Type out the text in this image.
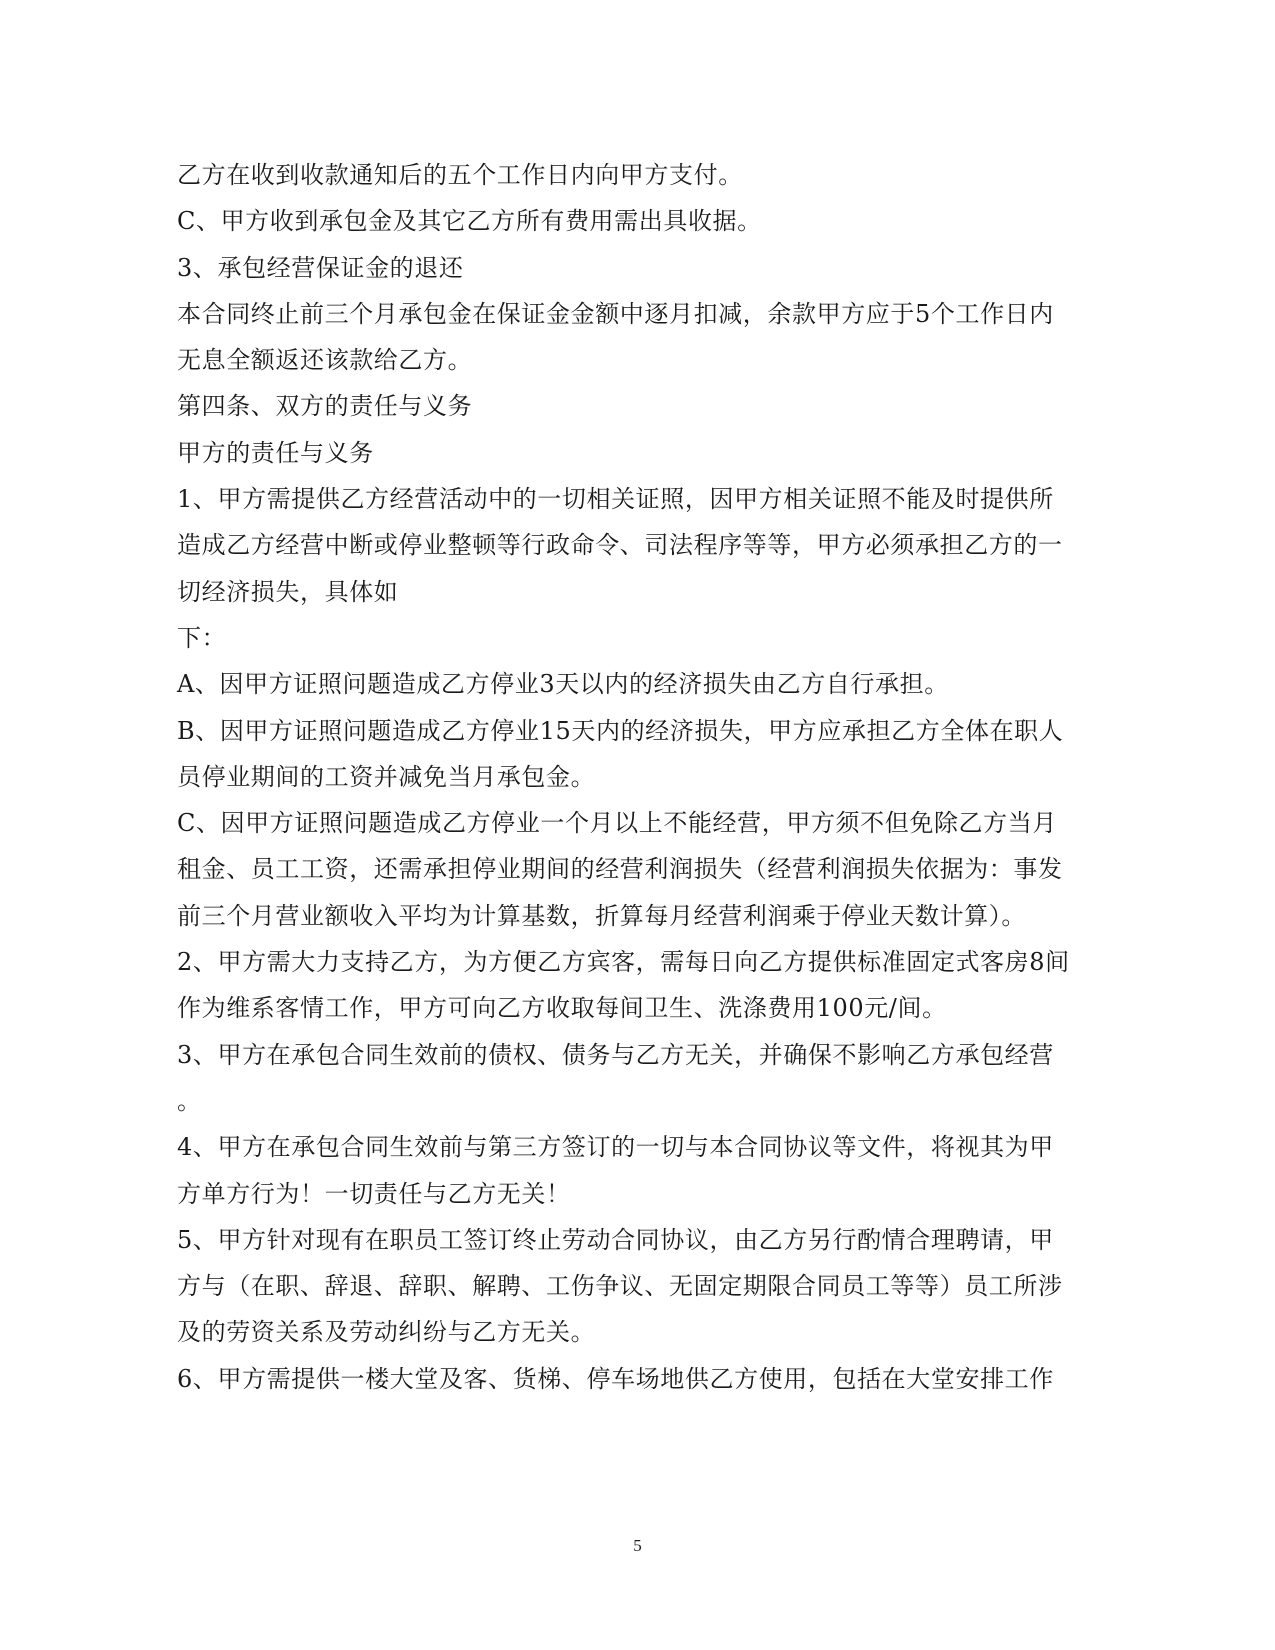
乙方在收到收款通知后的五个工作日内向甲方支付。
C、甲方收到承包金及其它乙方所有费用需出具收据。
3、承包经营保证金的退还
本合同终止前三个月承包金在保证金金额中逐月扣减，余款甲方应于5个工作日内
无息全额返还该款给乙方。
第四条、双方的责任与义务
甲方的责任与义务
1、甲方需提供乙方经营活动中的一切相关证照，因甲方相关证照不能及时提供所
造成乙方经营中断或停业整顿等行政命令、司法程序等等，甲方必须承担乙方的一
切经济损失，具体如
下：
A、因甲方证照问题造成乙方停业3天以内的经济损失由乙方自行承担。
B、因甲方证照问题造成乙方停业15天内的经济损失，甲方应承担乙方全体在职人
员停业期间的工资并减免当月承包金。
C、因甲方证照问题造成乙方停业一个月以上不能经营，甲方须不但免除乙方当月
租金、员工工资，还需承担停业期间的经营利润损失（经营利润损失依据为：事发
前三个月营业额收入平均为计算基数，折算每月经营利润乘于停业天数计算）。
2、甲方需大力支持乙方，为方便乙方宾客，需每日向乙方提供标准固定式客房8间
作为维系客情工作，甲方可向乙方收取每间卫生、洗涤费用100元/间。
3、甲方在承包合同生效前的债权、债务与乙方无关，并确保不影响乙方承包经营
。
4、甲方在承包合同生效前与第三方签订的一切与本合同协议等文件，将视其为甲
方单方行为！一切责任与乙方无关！
5、甲方针对现有在职员工签订终止劳动合同协议，由乙方另行酌情合理聘请，甲
方与（在职、辞退、辞职、解聘、工伤争议、无固定期限合同员工等等）员工所涉
及的劳资关系及劳动纠纷与乙方无关。
6、甲方需提供一楼大堂及客、货梯、停车场地供乙方使用，包括在大堂安排工作
5
